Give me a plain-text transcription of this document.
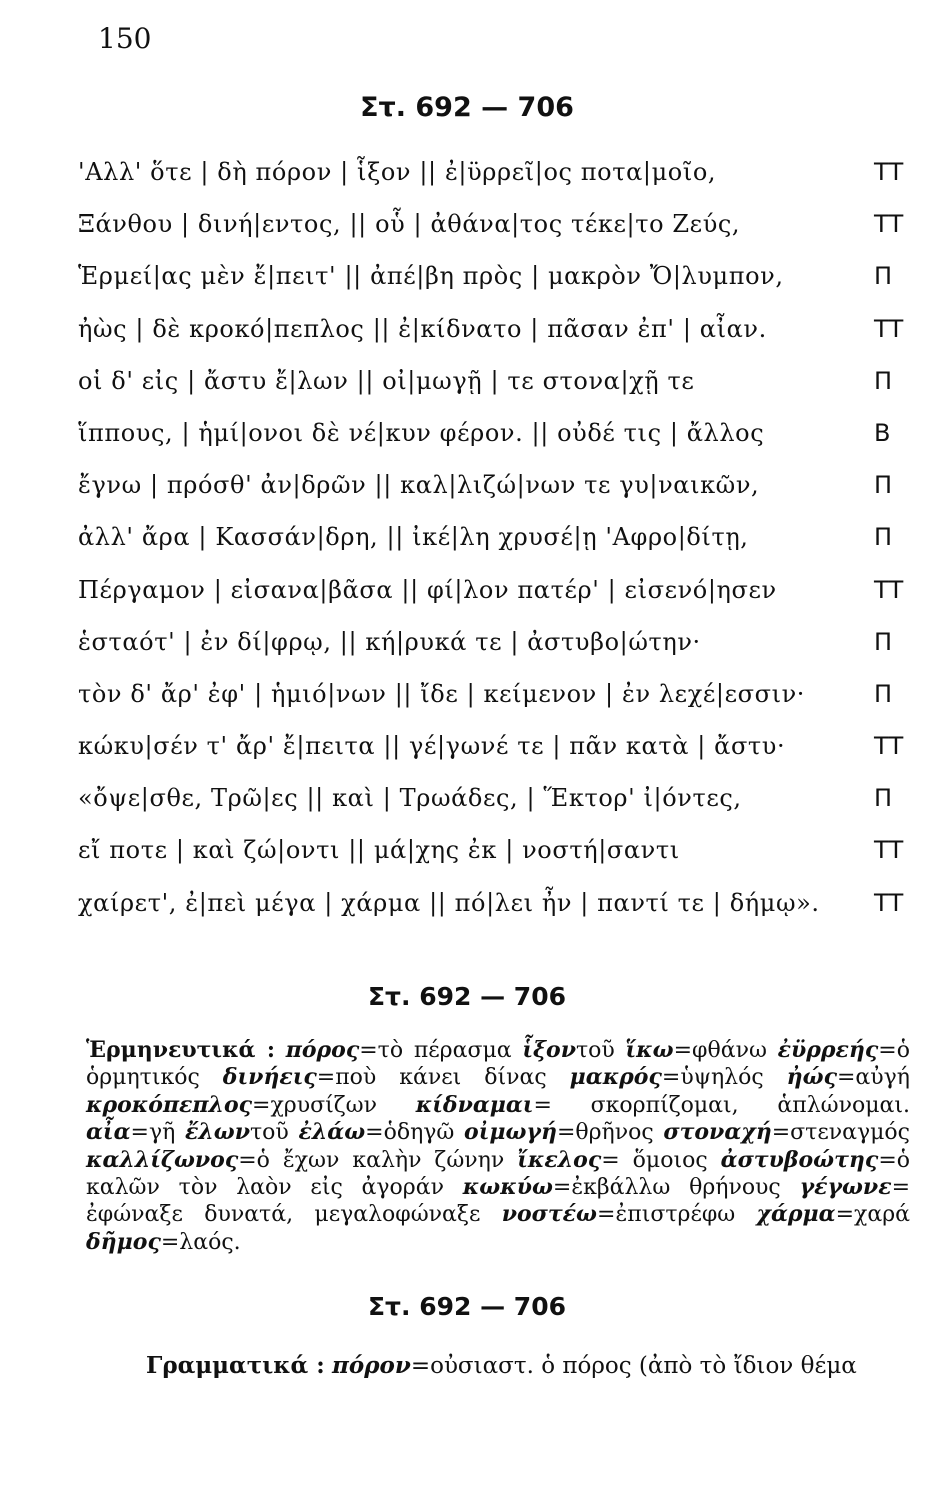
150
Στ. 692 — 706
'Αλλ' ὅτε | δὴ πόρον | ἷξον || ἐ|ϋρρεῖ|ος ποτα|μοῖο,	ΤΤ
Ξάνθου | δινή|εντος, || οὗ | ἀθάνα|τος τέκε|το Ζεύς,	ΤΤ
Ἑρμεί|ας μὲν ἔ|πειτ' || ἀπέ|βη πρὸς | μακρὸν Ὄ|λυμπον,	Π
ἠὼς | δὲ κροκό|πεπλος || ἐ|κίδνατο | πᾶσαν ἐπ' | αἶαν.	ΤΤ
οἱ δ' εἰς | ἄστυ ἔ|λων || οἰ|μωγῇ | τε στονα|χῇ τε	Π
ἵππους, | ἡμί|ονοι δὲ νέ|κυν φέρον. || οὐδέ τις | ἄλλος	Β
ἔγνω | πρόσθ' ἀν|δρῶν || καλ|λιζώ|νων τε γυ|ναικῶν,	Π
ἀλλ' ἄρα | Κασσάν|δρη, || ἰκέ|λη χρυσέ|ῃ 'Αφρο|δίτῃ,	Π
Πέργαμον | εἰσανα|βᾶσα || φί|λον πατέρ' | εἰσενό|ησεν	ΤΤ
ἑσταότ' | ἐν δί|φρῳ, || κή|ρυκά τε | ἀστυβο|ώτην·	Π
τὸν δ' ἄρ' ἐφ' | ἡμιό|νων || ἴδε | κείμενον | ἐν λεχέ|εσσιν·	Π
κώκυ|σέν τ' ἄρ' ἔ|πειτα || γέ|γωνέ τε | πᾶν κατὰ | ἄστυ·	ΤΤ
«ὄψε|σθε, Τρῶ|ες || καὶ | Τρωάδες, | Ἕκτορ' ἰ|όντες,	Π
εἴ ποτε | καὶ ζώ|οντι || μά|χης ἐκ | νοστή|σαντι	ΤΤ
χαίρετ', ἐ|πεὶ μέγα | χάρμα || πό|λει ἦν | παντί τε | δήμῳ». ΤΤ
Στ. 692 — 706
Ἑρμηνευτικά : πόρος=τὸ πέρασμα ἷξοντοῦ ἵκω=φθάνω ἐϋρρεής=ὁ ὁρμητικός δινήεις=ποὺ κάνει δίνας μακρός=ὑψηλός ἠώς=αὐγή κροκόπεπλος=χρυσίζων κίδναμαι= σκορπίζομαι, ἁπλώνομαι. αἶα=γῆ ἔλωντοῦ ἐλάω=ὁδηγῶ οἰμωγή=θρῆνος στοναχή=στεναγμός καλλίζωνος=ὁ ἔχων καλὴν ζώνην ἴκελος= ὅμοιος ἀστυβοώτης=ὁ καλῶν τὸν λαὸν εἰς ἀγοράν κωκύω=ἐκβάλλω θρήνους γέγωνε= ἐφώναξε δυνατά, μεγαλοφώναξε νοστέω=ἐπιστρέφω χάρμα=χαρά δῆμος=λαός.
Στ. 692 — 706
Γραμματικά : πόρον=οὐσιαστ. ὁ πόρος (ἀπὸ τὸ ἴδιον θέμα
